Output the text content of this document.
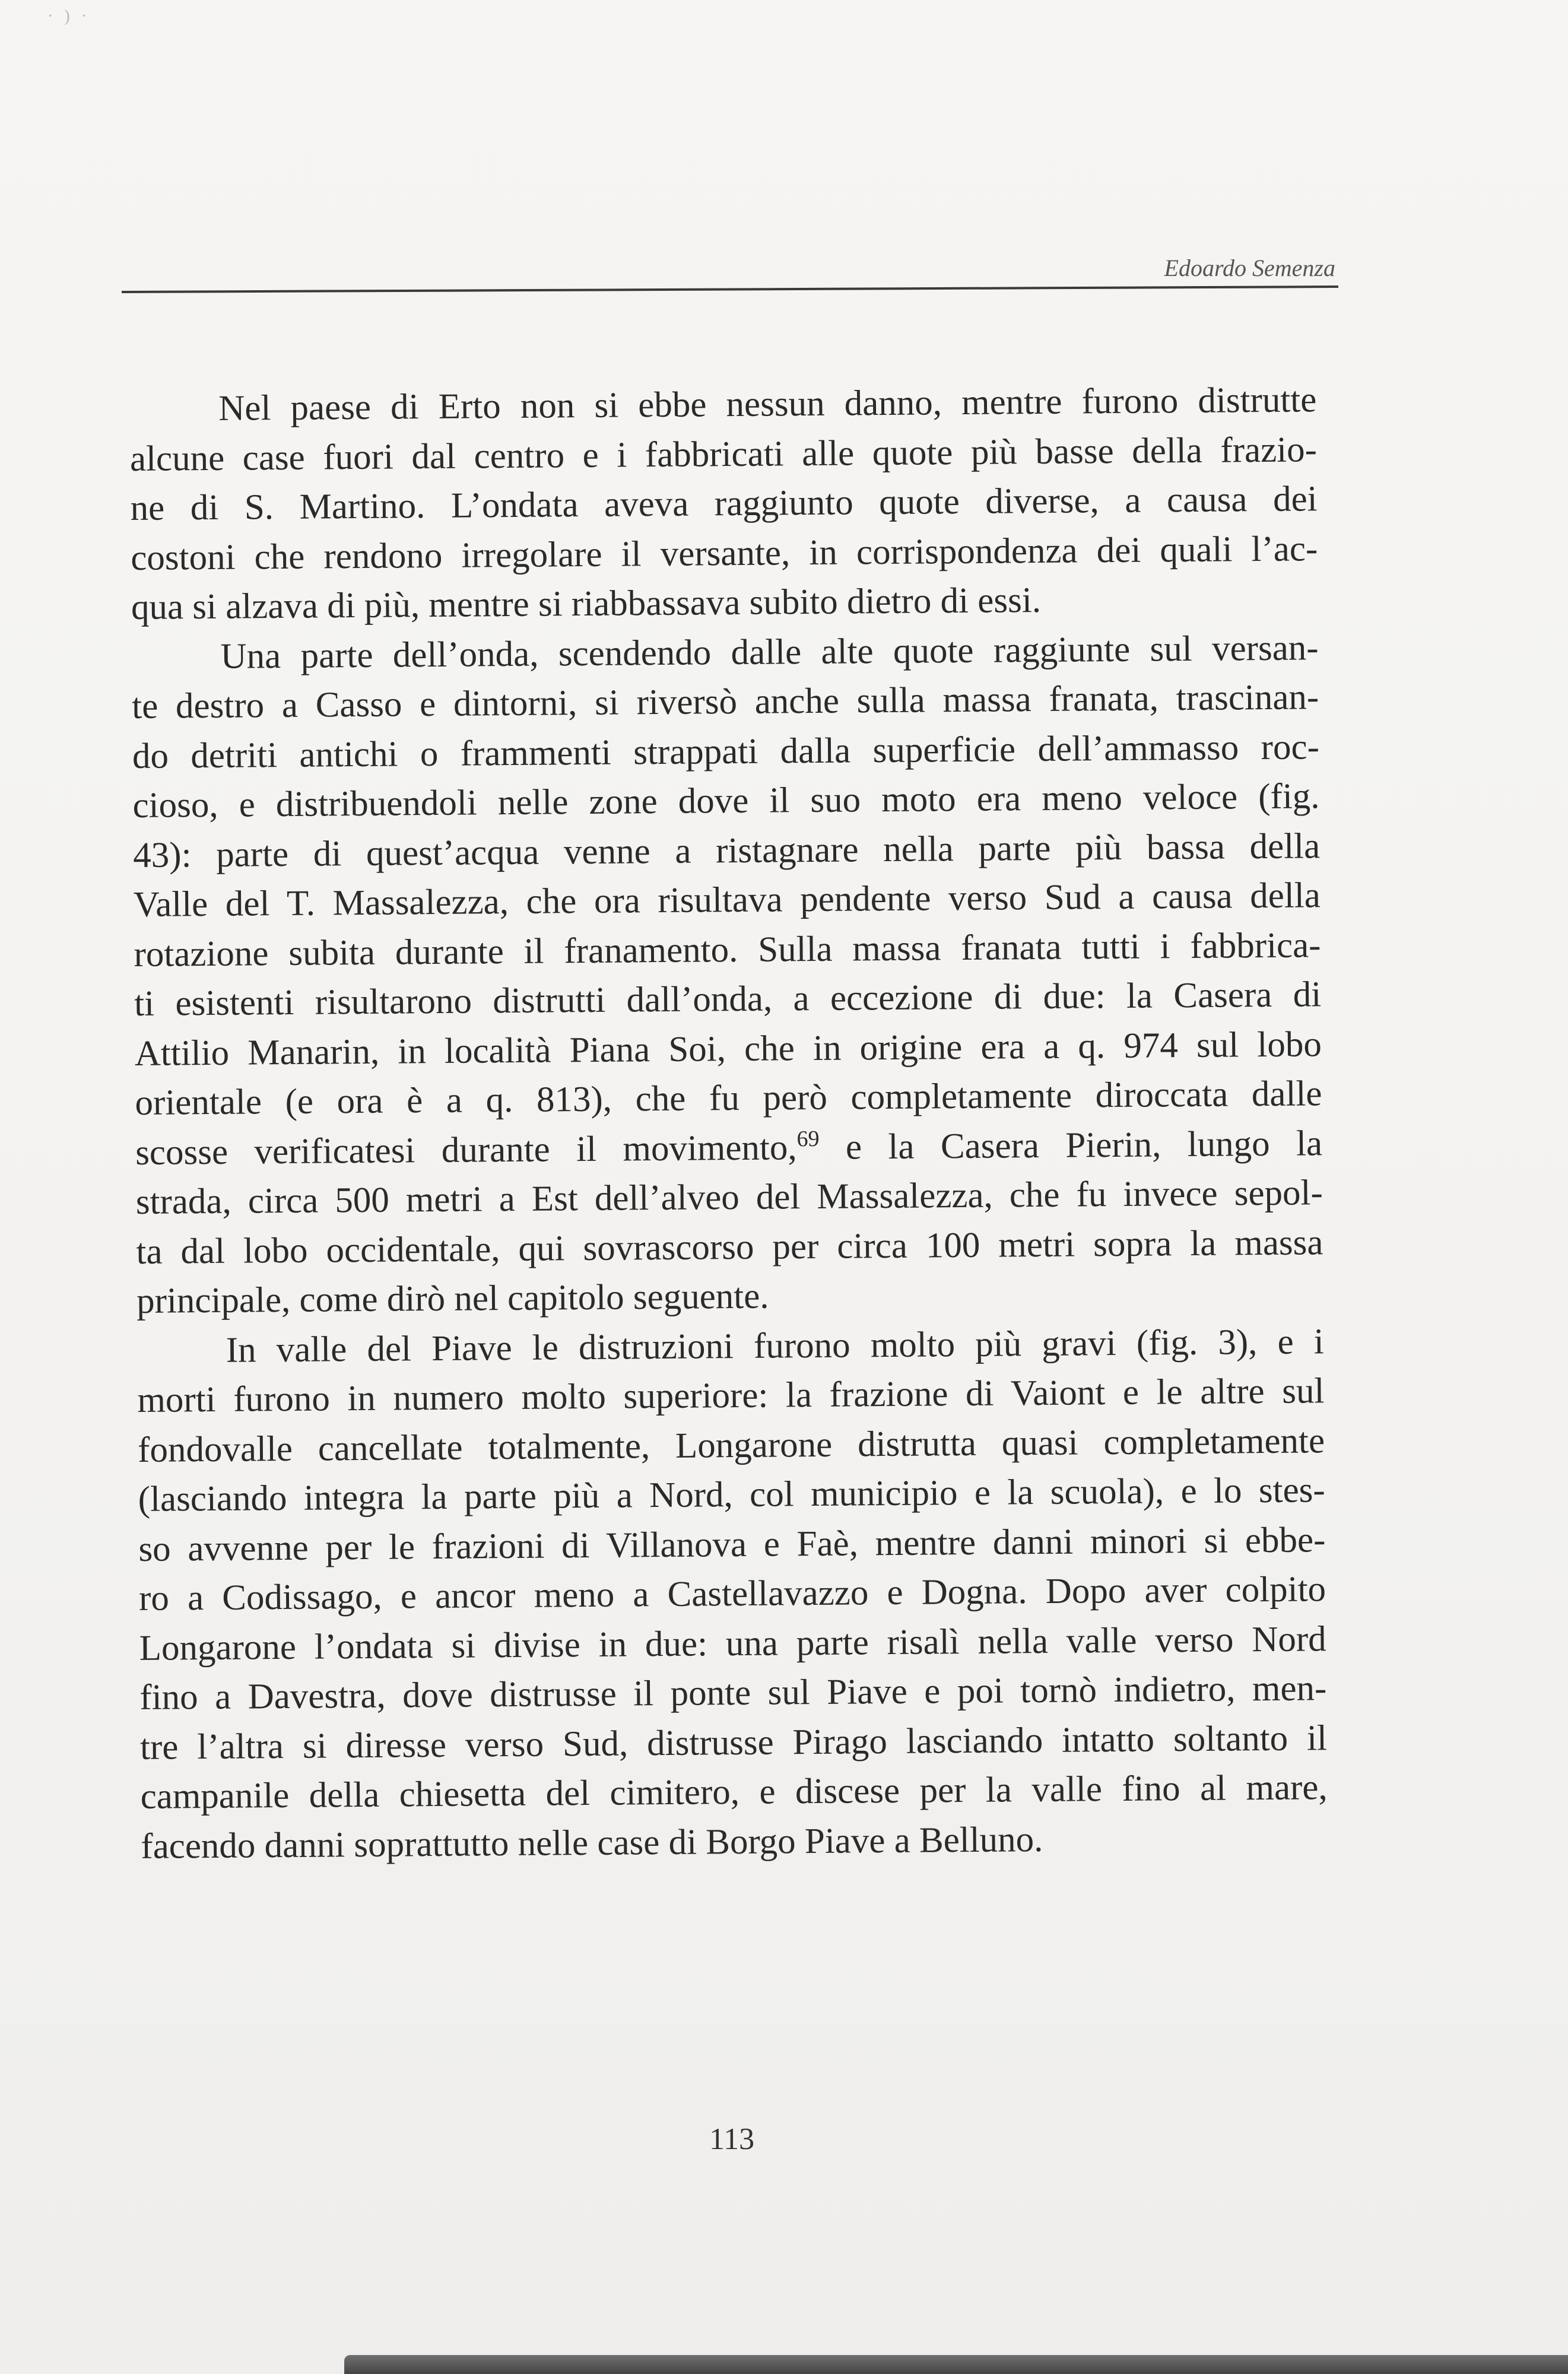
· ) ·
Edoardo Semenza

Nel paese di Erto non si ebbe nessun danno, mentre furono distrutte
alcune case fuori dal centro e i fabbricati alle quote più basse della frazio-
ne di S. Martino. L’ondata aveva raggiunto quote diverse, a causa dei
costoni che rendono irregolare il versante, in corrispondenza dei quali l’ac-
qua si alzava di più, mentre si riabbassava subito dietro di essi.

Una parte dell’onda, scendendo dalle alte quote raggiunte sul versan-
te destro a Casso e dintorni, si riversò anche sulla massa franata, trascinan-
do detriti antichi o frammenti strappati dalla superficie dell’ammasso roc-
cioso, e distribuendoli nelle zone dove il suo moto era meno veloce (fig.
43): parte di quest’acqua venne a ristagnare nella parte più bassa della
Valle del T. Massalezza, che ora risultava pendente verso Sud a causa della
rotazione subita durante il franamento. Sulla massa franata tutti i fabbrica-
ti esistenti risultarono distrutti dall’onda, a eccezione di due: la Casera di
Attilio Manarin, in località Piana Soi, che in origine era a q. 974 sul lobo
orientale (e ora è a q. 813), che fu però completamente diroccata dalle
scosse verificatesi durante il movimento,$^{69}$ e la Casera Pierin, lungo la
strada, circa 500 metri a Est dell’alveo del Massalezza, che fu invece sepol-
ta dal lobo occidentale, qui sovrascorso per circa 100 metri sopra la massa
principale, come dirò nel capitolo seguente.

In valle del Piave le distruzioni furono molto più gravi (fig. 3), e i
morti furono in numero molto superiore: la frazione di Vaiont e le altre sul
fondovalle cancellate totalmente, Longarone distrutta quasi completamente
(lasciando integra la parte più a Nord, col municipio e la scuola), e lo stes-
so avvenne per le frazioni di Villanova e Faè, mentre danni minori si ebbe-
ro a Codissago, e ancor meno a Castellavazzo e Dogna. Dopo aver colpito
Longarone l’ondata si divise in due: una parte risalì nella valle verso Nord
fino a Davestra, dove distrusse il ponte sul Piave e poi tornò indietro, men-
tre l’altra si diresse verso Sud, distrusse Pirago lasciando intatto soltanto il
campanile della chiesetta del cimitero, e discese per la valle fino al mare,
facendo danni soprattutto nelle case di Borgo Piave a Belluno.

113
